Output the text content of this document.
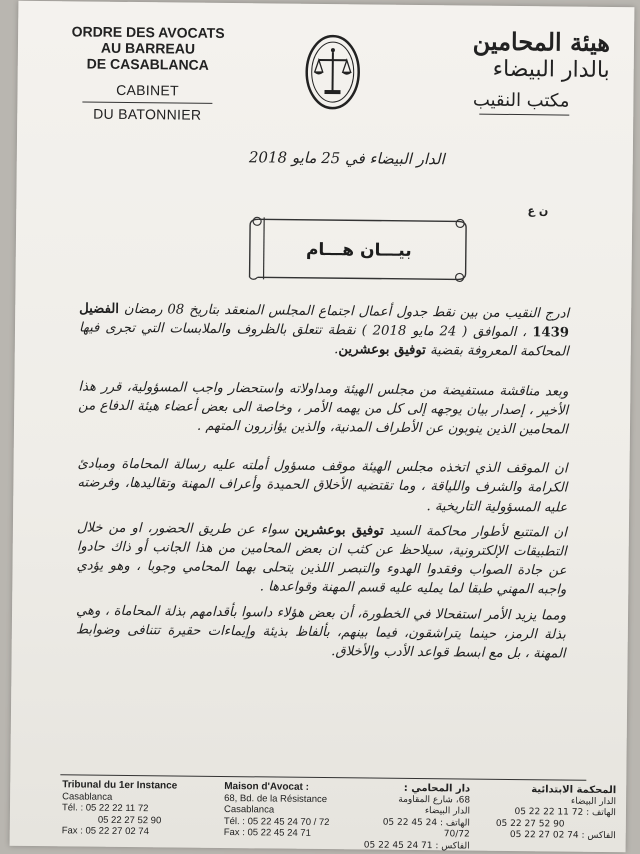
ORDRE DES AVOCATS
AU BARREAU
DE CASABLANCA
CABINET
DU BATONNIER
هيئة المحامين
بالدار البيضاء
مكتب النقيب
الدار البيضاء في 25 مايو 2018
ن ع
بيـــان هـــام

ادرج النقيب من بين نقط جدول أعمال اجتماع المجلس المنعقد بتاريخ 08 رمضان الفضيل 1439 ، الموافق ( 24 مايو 2018 ) نقطة تتعلق بالظروف والملابسات التي تجرى فيها المحاكمة المعروفة بقضية توفيق بوعشرين.

وبعد مناقشة مستفيضة من مجلس الهيئة ومداولاته واستحضار واجب المسؤولية، قرر هذا الأخير ، إصدار بيان يوجهه إلى كل من يهمه الأمر ، وخاصة الى بعض أعضاء هيئة الدفاع من المحامين الذين ينوبون عن الأطراف المدنية، والذين يؤازرون المتهم .

ان الموقف الذي اتخذه مجلس الهيئة موقف مسؤول أملته عليه رسالة المحاماة ومبادئ الكرامة والشرف واللياقة ، وما تقتضيه الأخلاق الحميدة وأعراف المهنة وتقاليدها، وفرضته عليه المسؤولية التاريخية .

ان المتتبع لأطوار محاكمة السيد توفيق بوعشرين سواء عن طريق الحضور، او من خلال التطبيقات الإلكترونية، سيلاحظ عن كثب ان بعض المحامين من هذا الجانب أو ذاك حادوا عن جادة الصواب وفقدوا الهدوء والتبصر اللذين يتحلى بهما المحامي وجوبا ، وهو يؤدي واجبه المهني طبقا لما يمليه عليه قسم المهنة وقواعدها .

ومما يزيد الأمر استفحالا في الخطورة، أن بعض هؤلاء داسوا بأقدامهم بذلة المحاماة ، وهي بذلة الرمز، حينما يتراشقون، فيما بينهم، بألفاظ بذيئة وإيماءات حقيرة تتنافى وضوابط المهنة ، بل مع ابسط قواعد الأدب والأخلاق.

Tribunal du 1er Instance
Casablanca
Tél. : 05 22 22 11 72
05 22 27 52 90
Fax : 05 22 27 02 74
Maison d'Avocat :
68, Bd. de la Résistance
Casablanca
Tél. : 05 22 45 24 70 / 72
Fax : 05 22 45 24 71
دار المحامي :
68، شارع المقاومة
الدار البيضاء
الهاتف : 05 22 45 24 70/72
الفاكس : 05 22 45 24 71
المحكمة الابتدائية
الدار البيضاء
الهاتف : 05 22 22 11 72
05 22 27 52 90
الفاكس : 05 22 27 02 74
